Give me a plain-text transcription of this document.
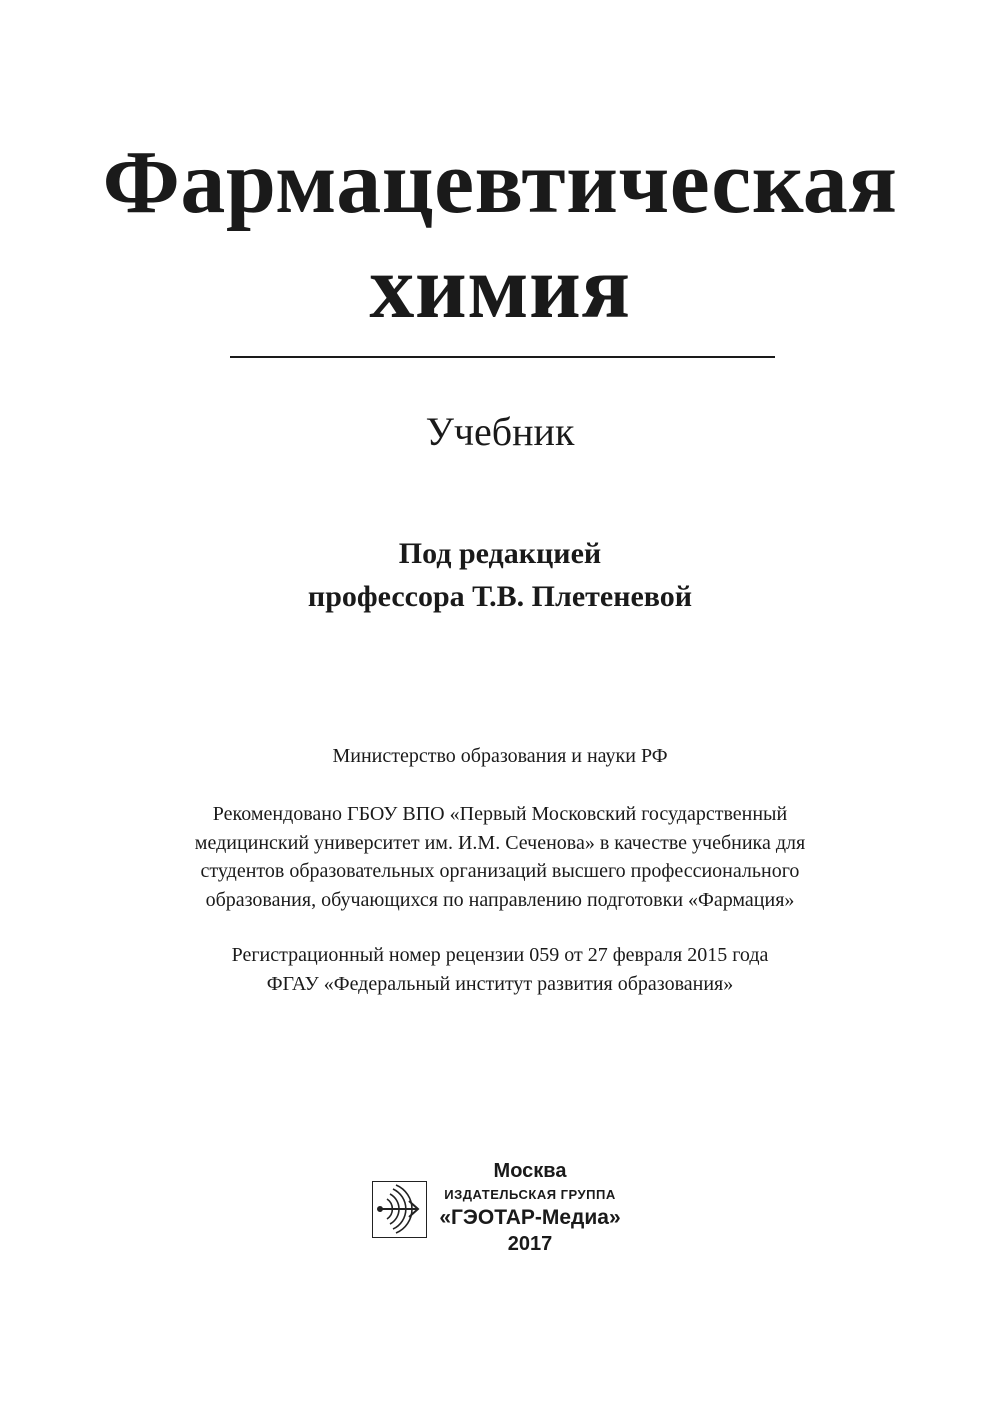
Фармацевтическая
химия
Учебник
Под редакцией
профессора Т.В. Плетеневой
Министерство образования и науки РФ
Рекомендовано ГБОУ ВПО «Первый Московский государственный
медицинский университет им. И.М. Сеченова» в качестве учебника для
студентов образовательных организаций высшего профессионального
образования, обучающихся по направлению подготовки «Фармация»
Регистрационный номер рецензии 059 от 27 февраля 2015 года
ФГАУ «Федеральный институт развития образования»
Москва
ИЗДАТЕЛЬСКАЯ ГРУППА
«ГЭОТАР-Медиа»
2017
